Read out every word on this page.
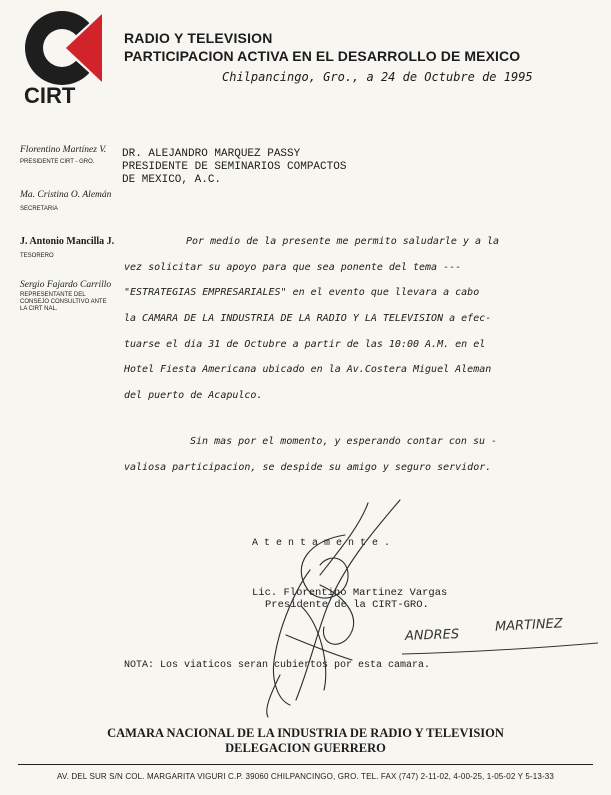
CIRT
RADIO Y TELEVISION
PARTICIPACION ACTIVA EN EL DESARROLLO DE MEXICO
Chilpancingo, Gro., a 24 de Octubre de 1995
Florentino Martínez V.
PRESIDENTE CIRT - GRO.
Ma. Cristina O. Alemán
SECRETARIA
J. Antonio Mancilla J.
TESORERO
Sergio Fajardo Carrillo
REPRESENTANTE DEL CONSEJO CONSULTIVO ANTE LA CIRT NAL.
DR. ALEJANDRO MARQUEZ PASSY
PRESIDENTE DE SEMINARIOS COMPACTOS
DE MEXICO, A.C.
Por medio de la presente me permito saludarle y a la
vez solicitar su apoyo para que sea ponente del tema ---
"ESTRATEGIAS EMPRESARIALES" en el evento que llevara a cabo
la CAMARA DE LA INDUSTRIA DE LA RADIO Y LA TELEVISION a efec-
tuarse el dia 31 de Octubre a partir de las 10:00 A.M. en el
Hotel Fiesta Americana ubicado en la Av.Costera Miguel Aleman
del puerto de Acapulco.
Sin mas por el momento, y esperando contar con su -
valiosa participacion, se despide su amigo y seguro servidor.
A t e n t a m e n t e .
Lic. Florentino Martinez Vargas
Presidente de la CIRT-GRO.
ANDRES
MARTINEZ
NOTA: Los viaticos seran cubiertos por esta camara.
CAMARA NACIONAL DE LA INDUSTRIA DE RADIO Y TELEVISION
DELEGACION GUERRERO
AV. DEL SUR S/N COL. MARGARITA VIGURI C.P. 39060 CHILPANCINGO, GRO. TEL. FAX (747) 2-11-02, 4-00-25, 1-05-02 Y 5-13-33
